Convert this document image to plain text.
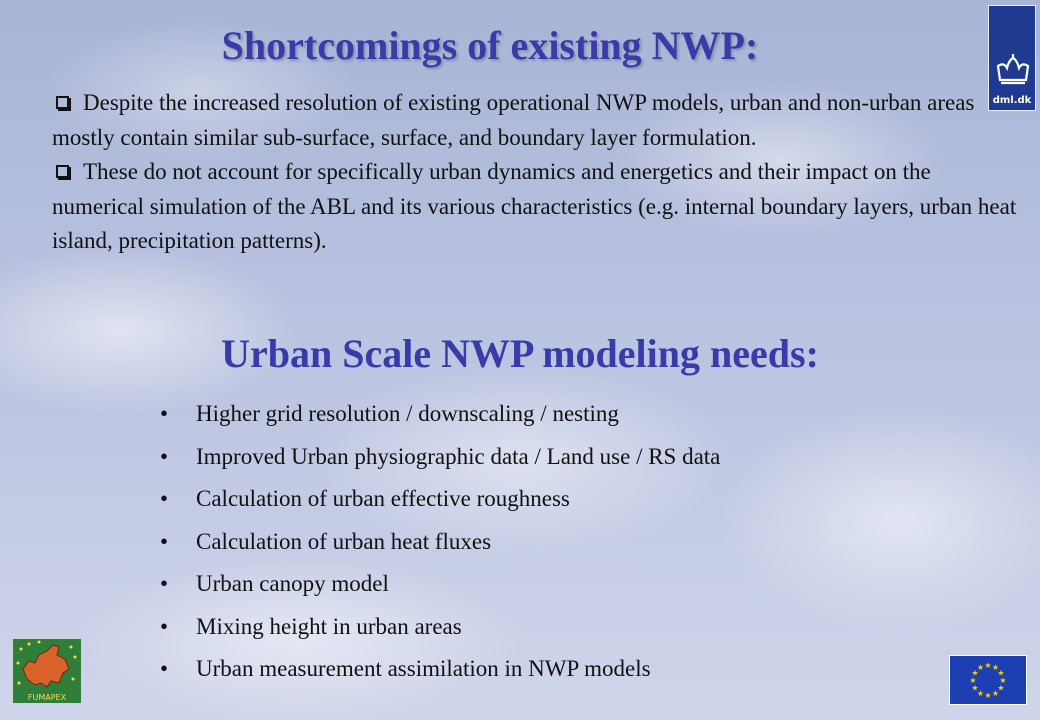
Shortcomings of existing NWP:
dml.dk

Despite the increased resolution of existing operational NWP models, urban and non-urban areas mostly contain similar sub-surface, surface, and boundary layer formulation.

These do not account for specifically urban dynamics and energetics and their impact on the numerical simulation of the ABL and its various characteristics (e.g. internal boundary layers, urban heat island, precipitation patterns).

Urban Scale NWP modeling needs:
• Higher grid resolution / downscaling / nesting
• Improved Urban physiographic data / Land use / RS data
• Calculation of urban effective roughness
• Calculation of urban heat fluxes
• Urban canopy model
• Mixing height in urban areas
• Urban measurement assimilation in NWP models
FUMAPEX
★ ★
★
★
★
★
★
★
★
★
★
★
